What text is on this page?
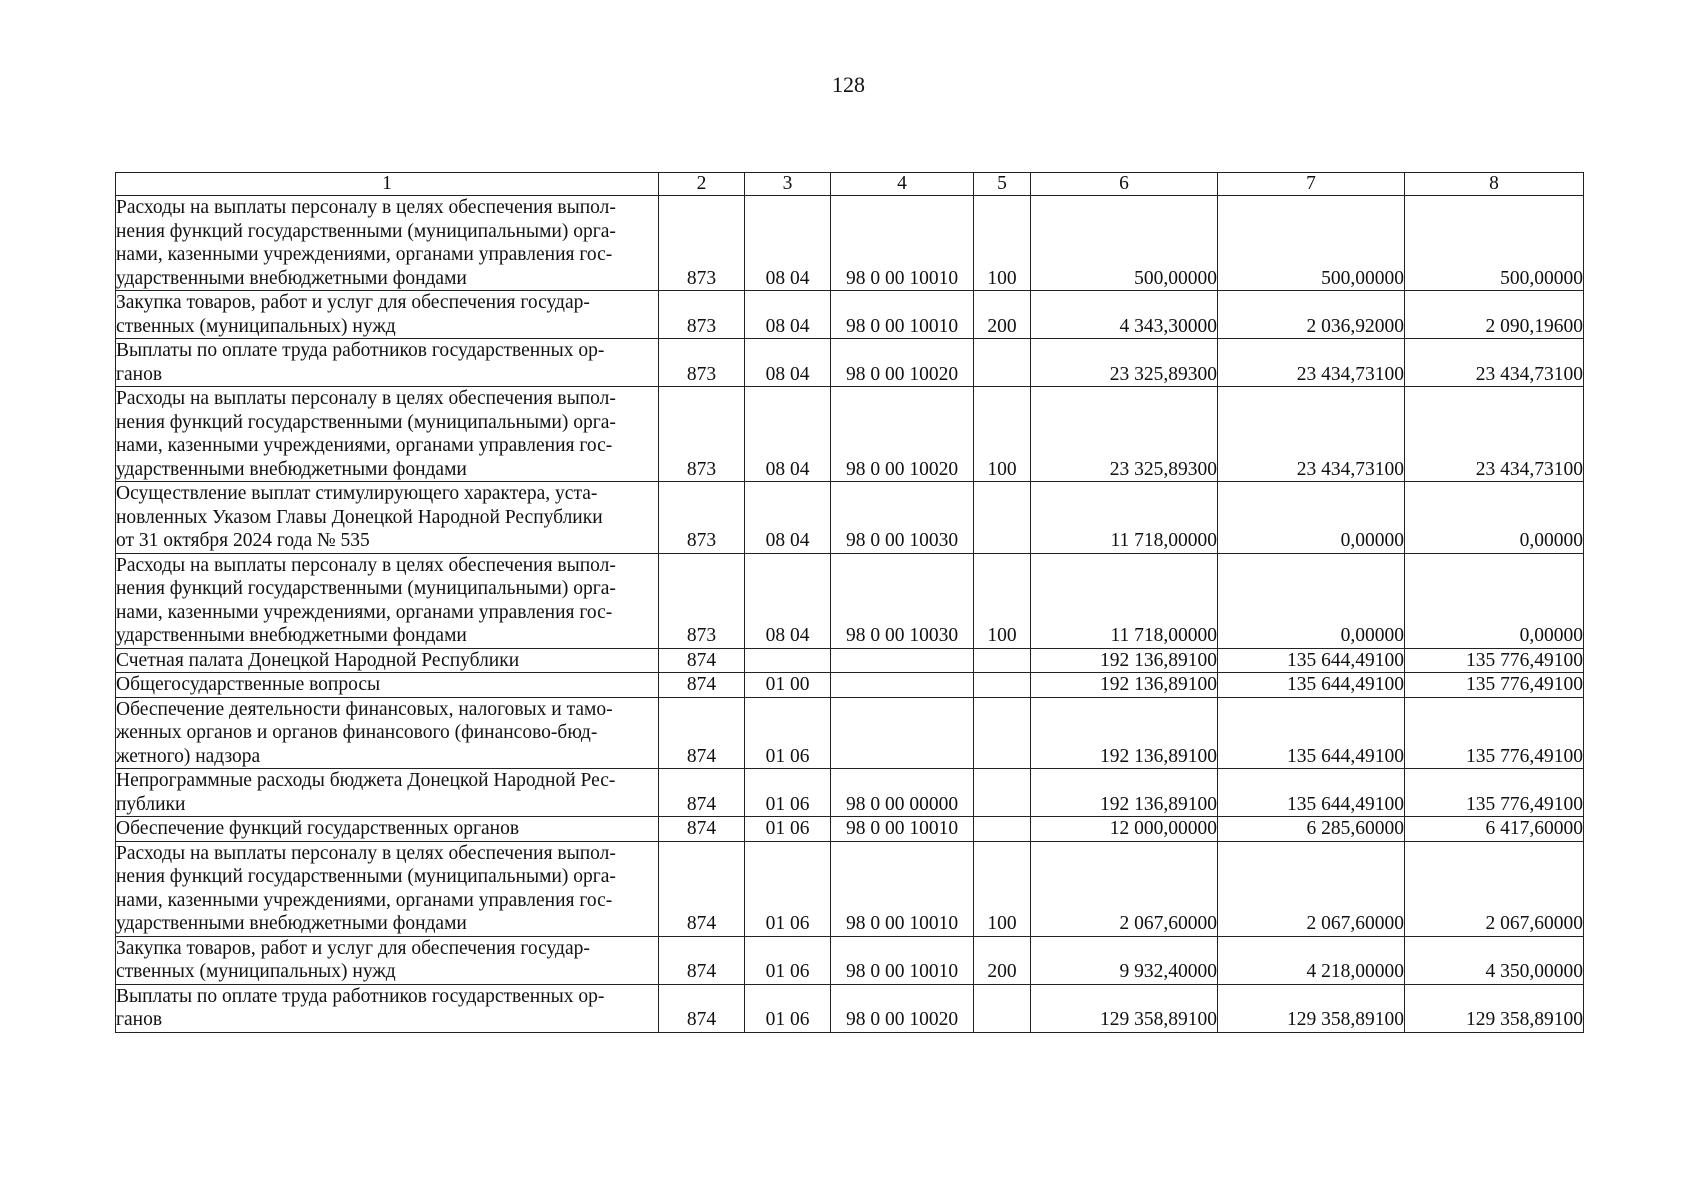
128
1	2	3	4	5	6	7	8
Расходы на выплаты персоналу в целях обеспечения выпол-
нения функций государственными (муниципальными) орга-
нами, казенными учреждениями, органами управления гос-
ударственными внебюджетными фондами	873	08 04	98 0 00 10010	100	500,00000	500,00000	500,00000
Закупка товаров, работ и услуг для обеспечения государ-
ственных (муниципальных) нужд	873	08 04	98 0 00 10010	200	4 343,30000	2 036,92000	2 090,19600
Выплаты по оплате труда работников государственных ор-
ганов	873	08 04	98 0 00 10020		23 325,89300	23 434,73100	23 434,73100
Расходы на выплаты персоналу в целях обеспечения выпол-
нения функций государственными (муниципальными) орга-
нами, казенными учреждениями, органами управления гос-
ударственными внебюджетными фондами	873	08 04	98 0 00 10020	100	23 325,89300	23 434,73100	23 434,73100
Осуществление выплат стимулирующего характера, уста-
новленных Указом Главы Донецкой Народной Республики
от 31 октября 2024 года № 535	873	08 04	98 0 00 10030		11 718,00000	0,00000	0,00000
Расходы на выплаты персоналу в целях обеспечения выпол-
нения функций государственными (муниципальными) орга-
нами, казенными учреждениями, органами управления гос-
ударственными внебюджетными фондами	873	08 04	98 0 00 10030	100	11 718,00000	0,00000	0,00000
Счетная палата Донецкой Народной Республики	874				192 136,89100	135 644,49100	135 776,49100
Общегосударственные вопросы	874	01 00			192 136,89100	135 644,49100	135 776,49100
Обеспечение деятельности финансовых, налоговых и тамо-
женных органов и органов финансового (финансово-бюд-
жетного) надзора	874	01 06			192 136,89100	135 644,49100	135 776,49100
Непрограммные расходы бюджета Донецкой Народной Рес-
публики	874	01 06	98 0 00 00000		192 136,89100	135 644,49100	135 776,49100
Обеспечение функций государственных органов	874	01 06	98 0 00 10010		12 000,00000	6 285,60000	6 417,60000
Расходы на выплаты персоналу в целях обеспечения выпол-
нения функций государственными (муниципальными) орга-
нами, казенными учреждениями, органами управления гос-
ударственными внебюджетными фондами	874	01 06	98 0 00 10010	100	2 067,60000	2 067,60000	2 067,60000
Закупка товаров, работ и услуг для обеспечения государ-
ственных (муниципальных) нужд	874	01 06	98 0 00 10010	200	9 932,40000	4 218,00000	4 350,00000
Выплаты по оплате труда работников государственных ор-
ганов	874	01 06	98 0 00 10020		129 358,89100	129 358,89100	129 358,89100
